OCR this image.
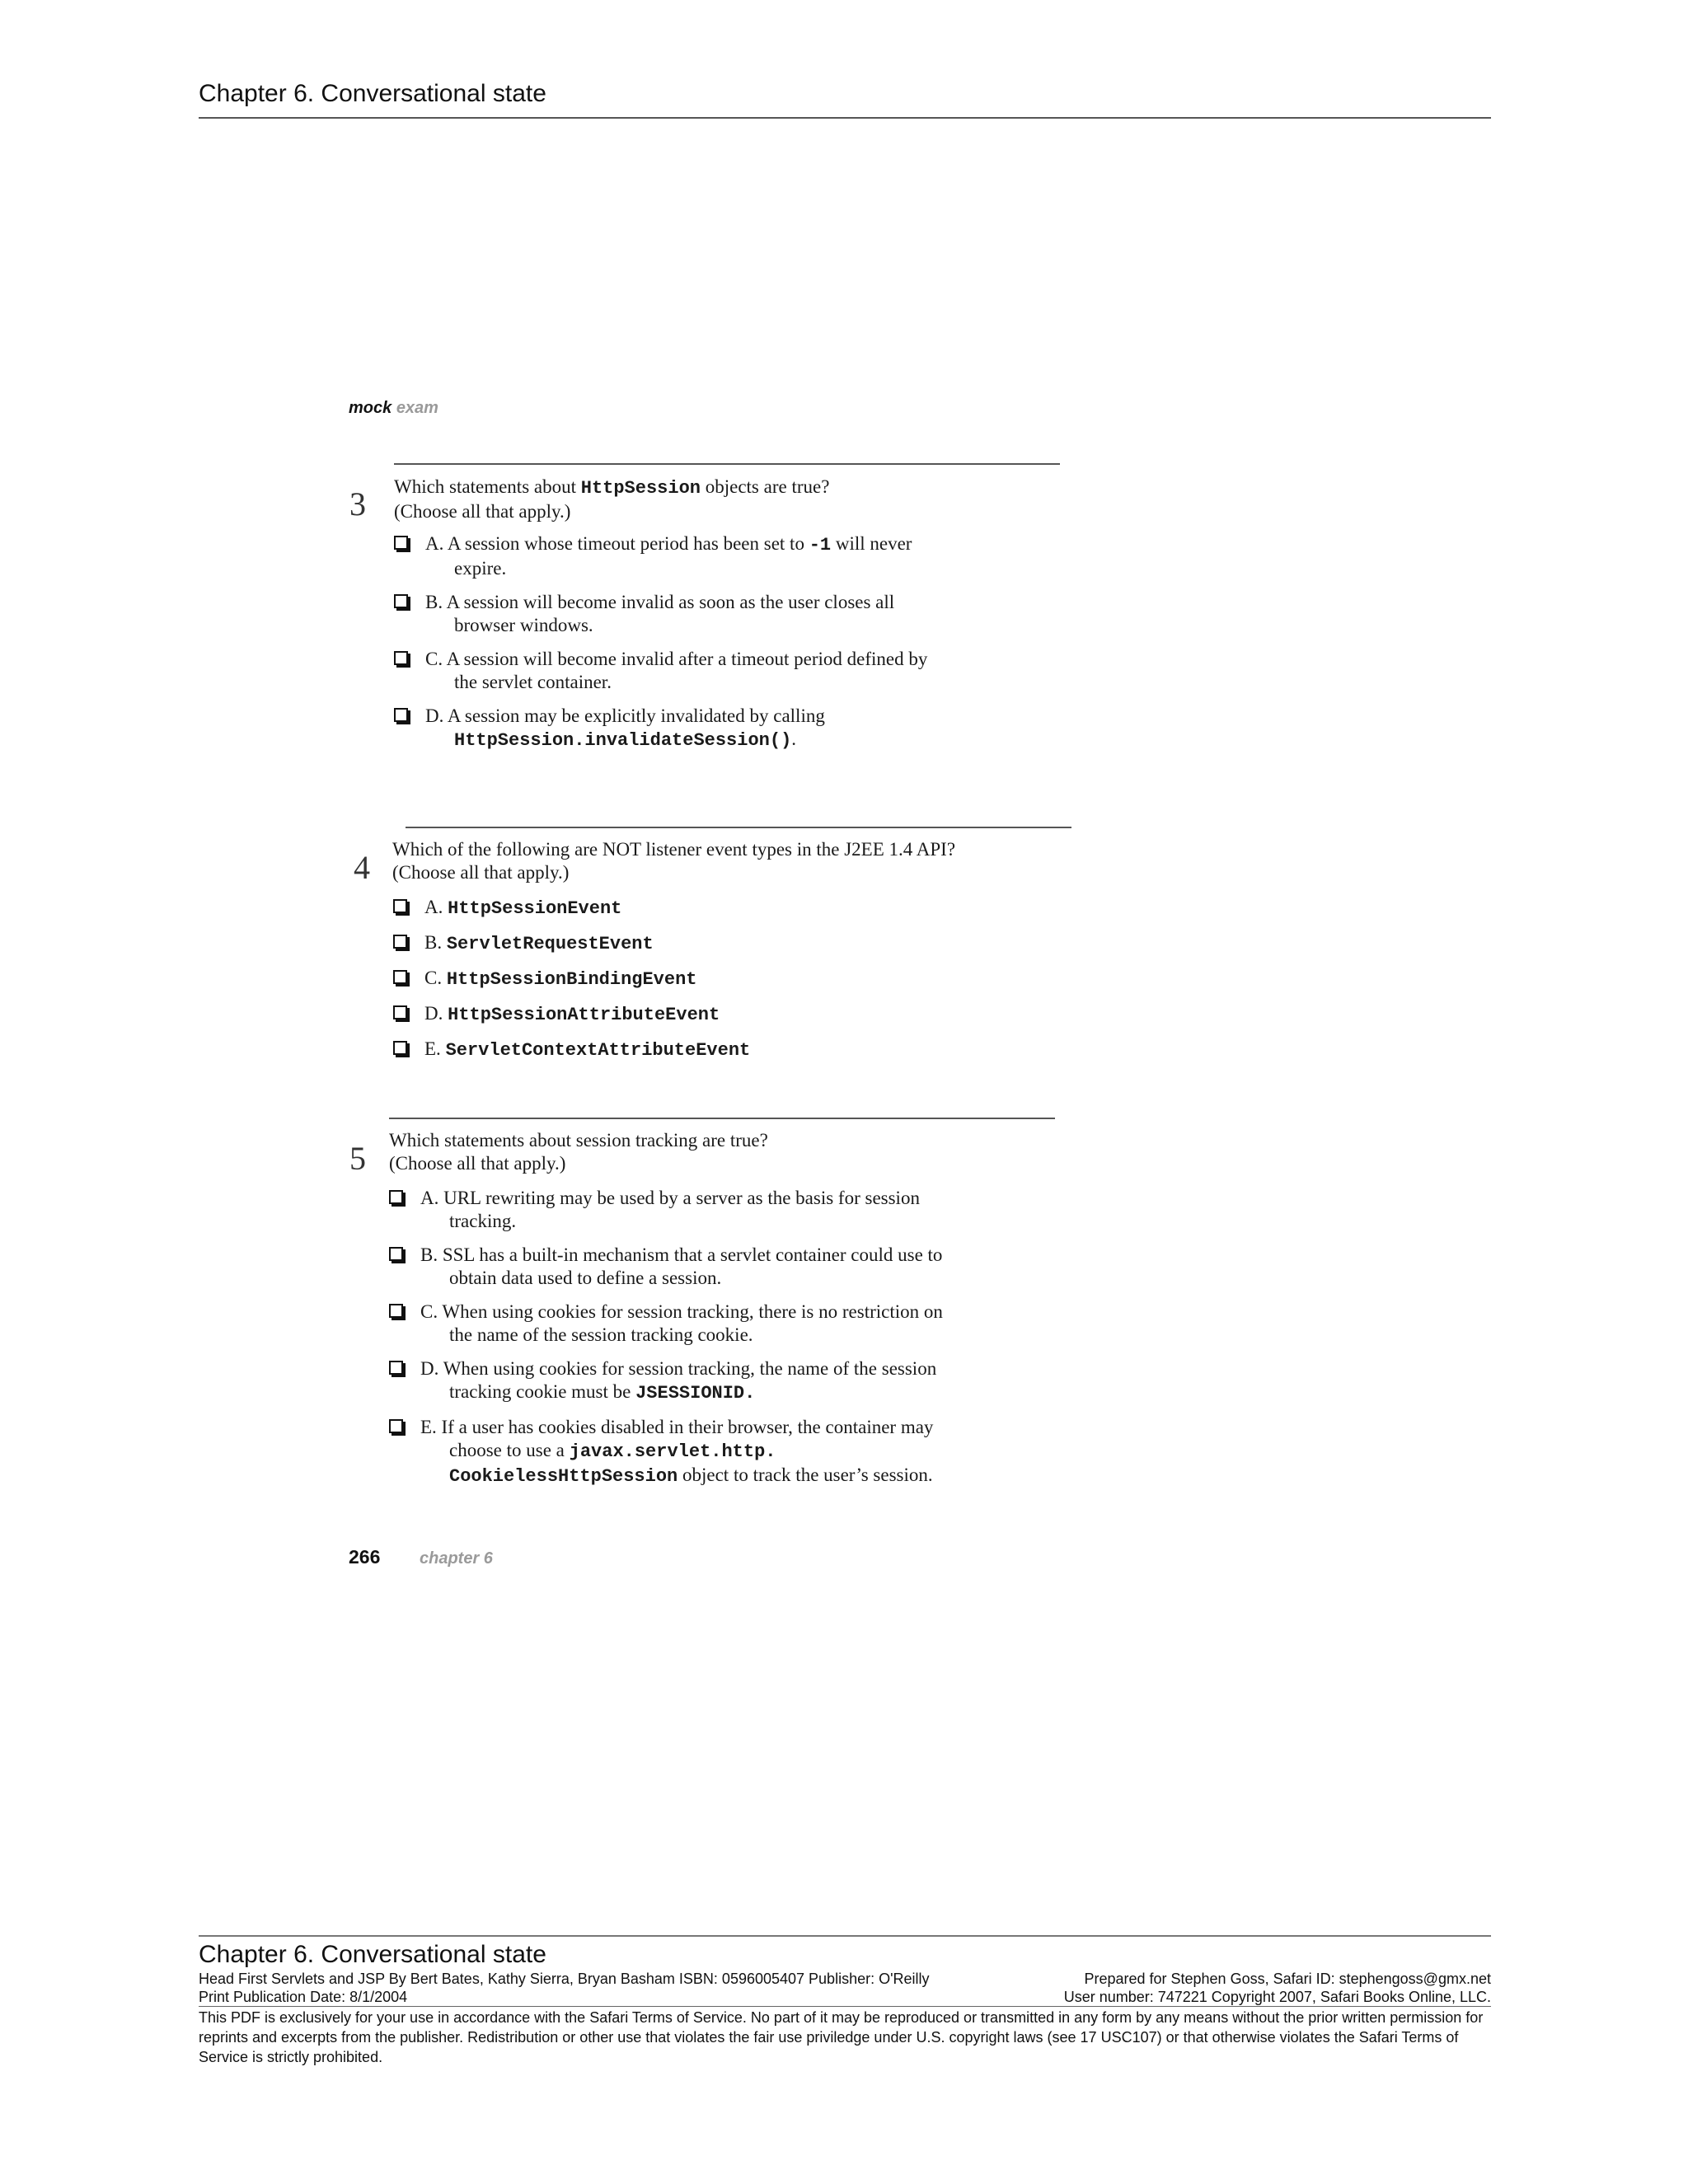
Chapter 6. Conversational state
mock exam
3 Which statements about HttpSession objects are true?
(Choose all that apply.)
A. A session whose timeout period has been set to -1 will never expire.
B. A session will become invalid as soon as the user closes all browser windows.
C. A session will become invalid after a timeout period defined by the servlet container.
D. A session may be explicitly invalidated by calling HttpSession.invalidateSession().
4 Which of the following are NOT listener event types in the J2EE 1.4 API?
(Choose all that apply.)
A. HttpSessionEvent
B. ServletRequestEvent
C. HttpSessionBindingEvent
D. HttpSessionAttributeEvent
E. ServletContextAttributeEvent
5 Which statements about session tracking are true?
(Choose all that apply.)
A. URL rewriting may be used by a server as the basis for session tracking.
B. SSL has a built-in mechanism that a servlet container could use to obtain data used to define a session.
C. When using cookies for session tracking, there is no restriction on the name of the session tracking cookie.
D. When using cookies for session tracking, the name of the session tracking cookie must be JSESSIONID.
E. If a user has cookies disabled in their browser, the container may choose to use a javax.servlet.http. CookielessHttpSession object to track the user’s session.
266 chapter 6
Chapter 6. Conversational state
Head First Servlets and JSP By Bert Bates, Kathy Sierra, Bryan Basham ISBN: 0596005407 Publisher: O'Reilly	Prepared for Stephen Goss, Safari ID: stephengoss@gmx.net
Print Publication Date: 8/1/2004	User number: 747221 Copyright 2007, Safari Books Online, LLC.
This PDF is exclusively for your use in accordance with the Safari Terms of Service. No part of it may be reproduced or transmitted in any form by any means without the prior written permission for reprints and excerpts from the publisher. Redistribution or other use that violates the fair use priviledge under U.S. copyright laws (see 17 USC107) or that otherwise violates the Safari Terms of Service is strictly prohibited.
